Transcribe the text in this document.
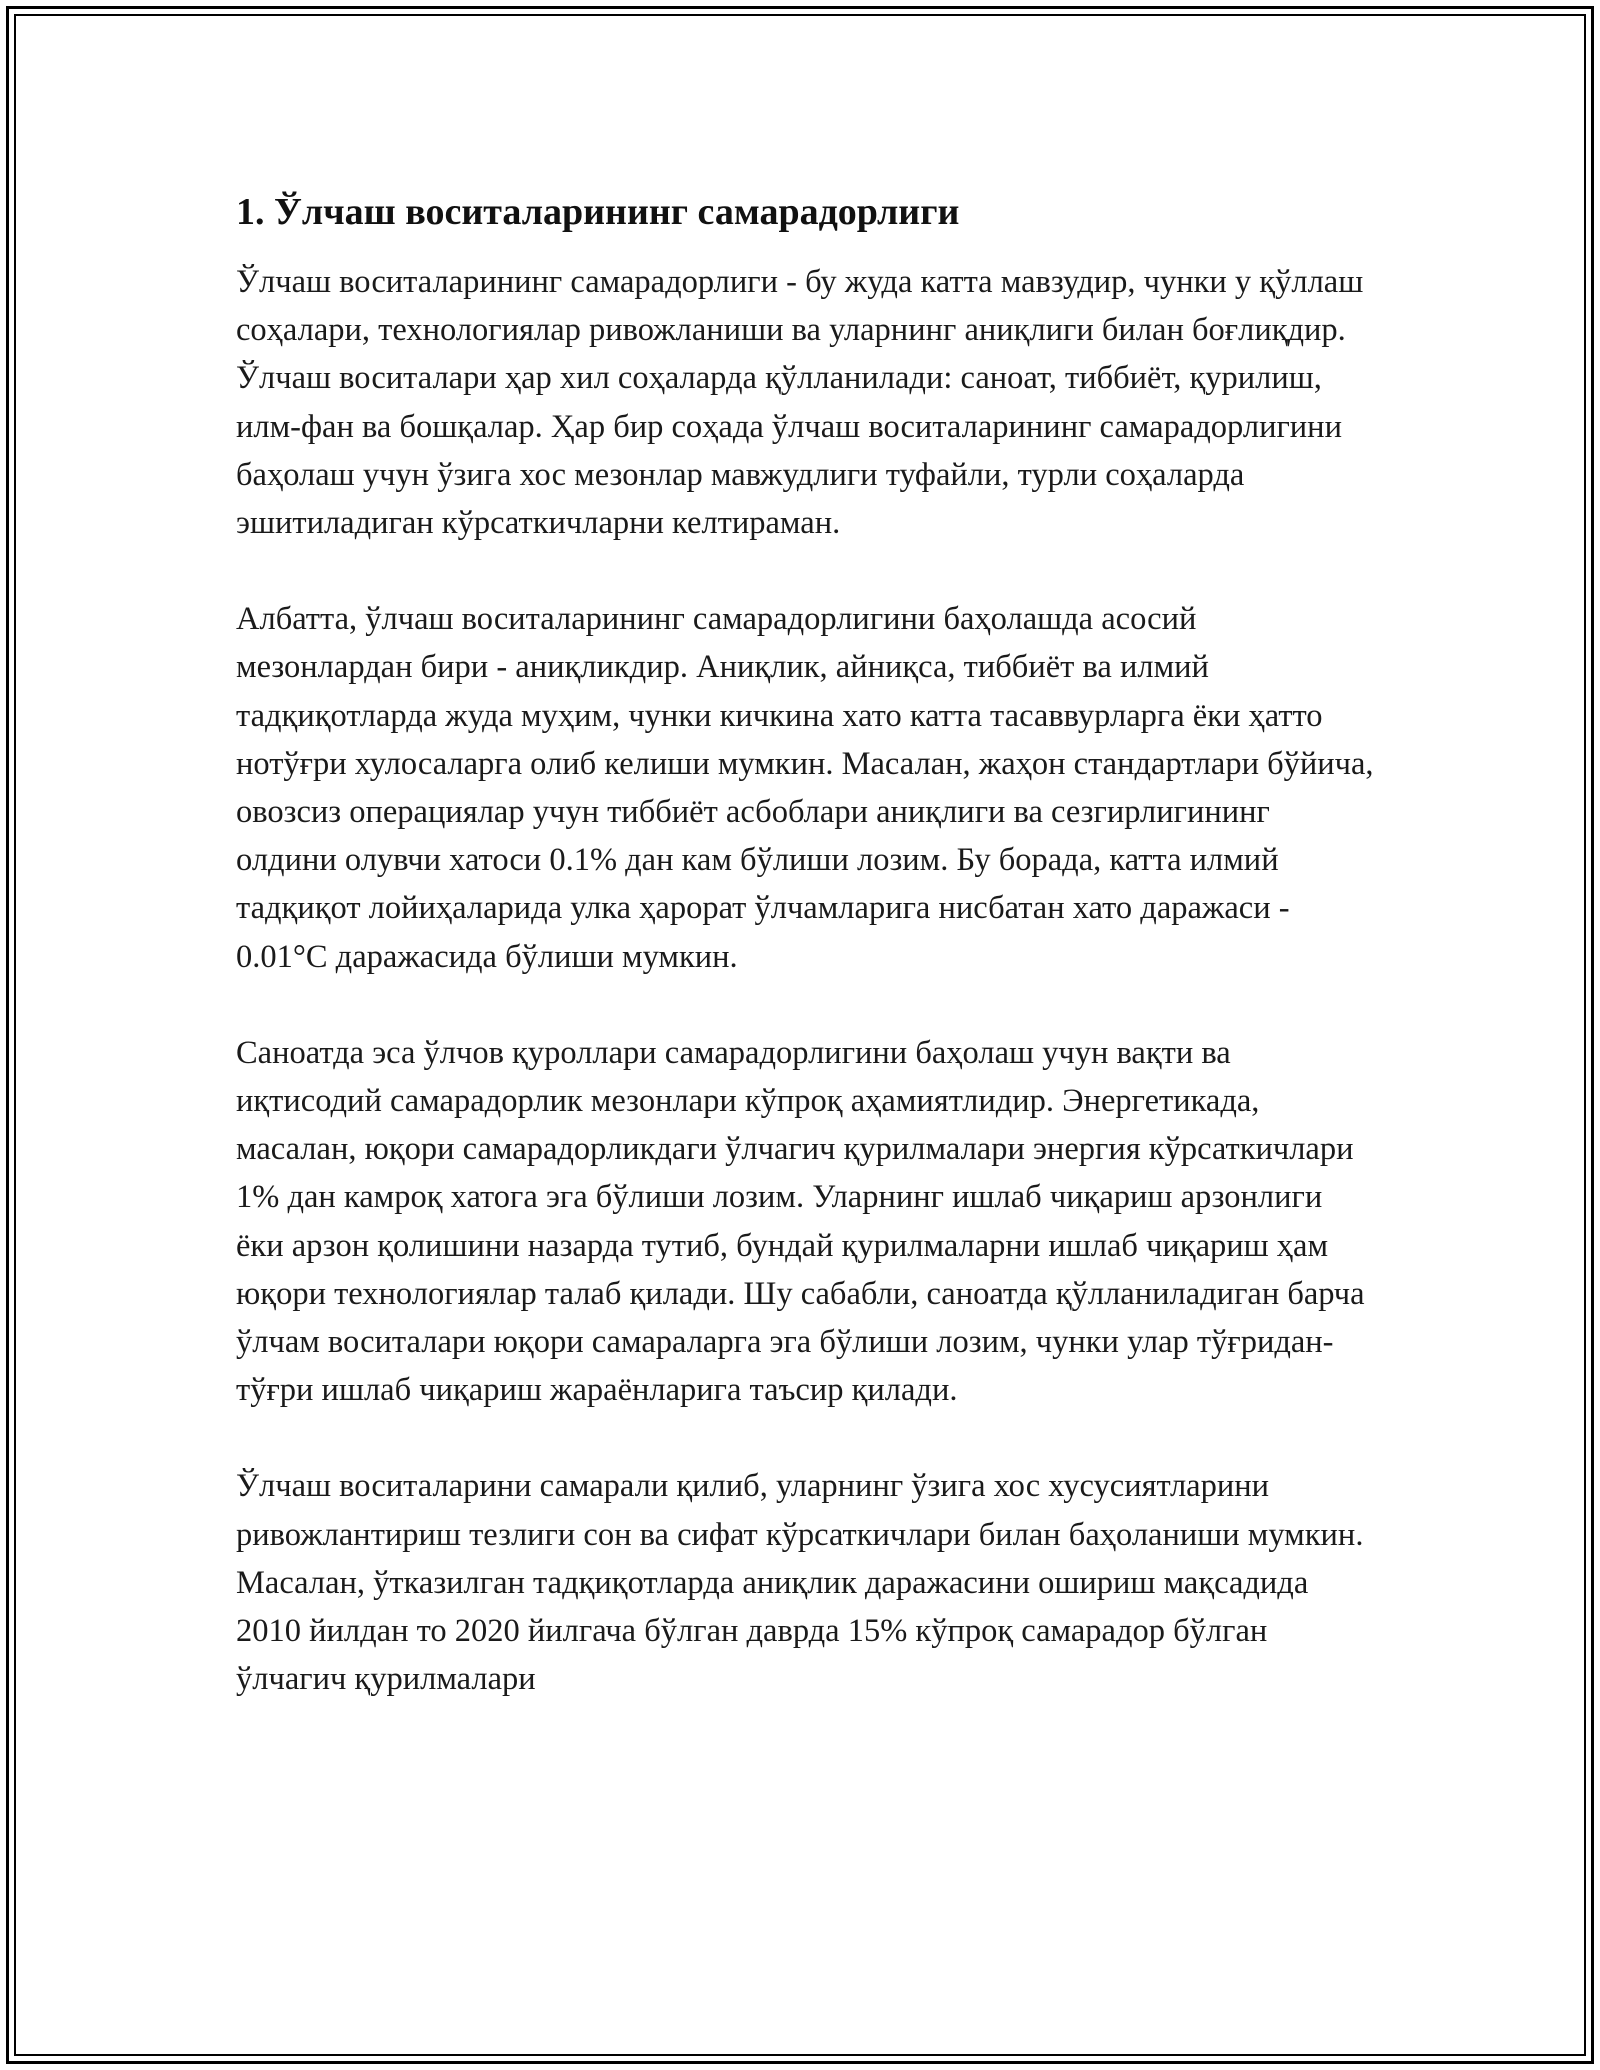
1. Ўлчаш воситаларининг самарадорлиги

Ўлчаш воситаларининг самарадорлиги - бу жуда катта мавзудир, чунки у қўллаш соҳалари, технологиялар ривожланиши ва уларнинг аниқлиги билан боғлиқдир. Ўлчаш воситалари ҳар хил соҳаларда қўлланилади: саноат, тиббиёт, қурилиш, илм-фан ва бошқалар. Ҳар бир соҳада ўлчаш воситаларининг самарадорлигини баҳолаш учун ўзига хос мезонлар мавжудлиги туфайли, турли соҳаларда эшитиладиган кўрсаткичларни келтираман.

Албатта, ўлчаш воситаларининг самарадорлигини баҳолашда асосий мезонлардан бири - аниқликдир. Аниқлик, айниқса, тиббиёт ва илмий тадқиқотларда жуда муҳим, чунки кичкина хато катта тасаввурларга ёки ҳатто нотўғри хулосаларга олиб келиши мумкин. Масалан, жаҳон стандартлари бўйича, овозсиз операциялар учун тиббиёт асбоблари аниқлиги ва сезгирлигининг олдини олувчи хатоси 0.1% дан кам бўлиши лозим. Бу борада, катта илмий тадқиқот лойиҳаларида улка ҳарорат ўлчамларига нисбатан хато даражаси - 0.01°C даражасида бўлиши мумкин.

Саноатда эса ўлчов қуроллари самарадорлигини баҳолаш учун вақти ва иқтисодий самарадорлик мезонлари кўпроқ аҳамиятлидир. Энергетикада, масалан, юқори самарадорликдаги ўлчагич қурилмалари энергия кўрсаткичлари 1% дан камроқ хатога эга бўлиши лозим. Уларнинг ишлаб чиқариш арзонлиги ёки арзон қолишини назарда тутиб, бундай қурилмаларни ишлаб чиқариш ҳам юқори технологиялар талаб қилади. Шу сабабли, саноатда қўлланиладиган барча ўлчам воситалари юқори самараларга эга бўлиши лозим, чунки улар тўғридан-тўғри ишлаб чиқариш жараёнларига таъсир қилади.

Ўлчаш воситаларини самарали қилиб, уларнинг ўзига хос хусусиятларини ривожлантириш тезлиги сон ва сифат кўрсаткичлари билан баҳоланиши мумкин. Масалан, ўтказилган тадқиқотларда аниқлик даражасини ошириш мақсадида 2010 йилдан то 2020 йилгача бўлган даврда 15% кўпроқ самарадор бўлган ўлчагич қурилмалари
